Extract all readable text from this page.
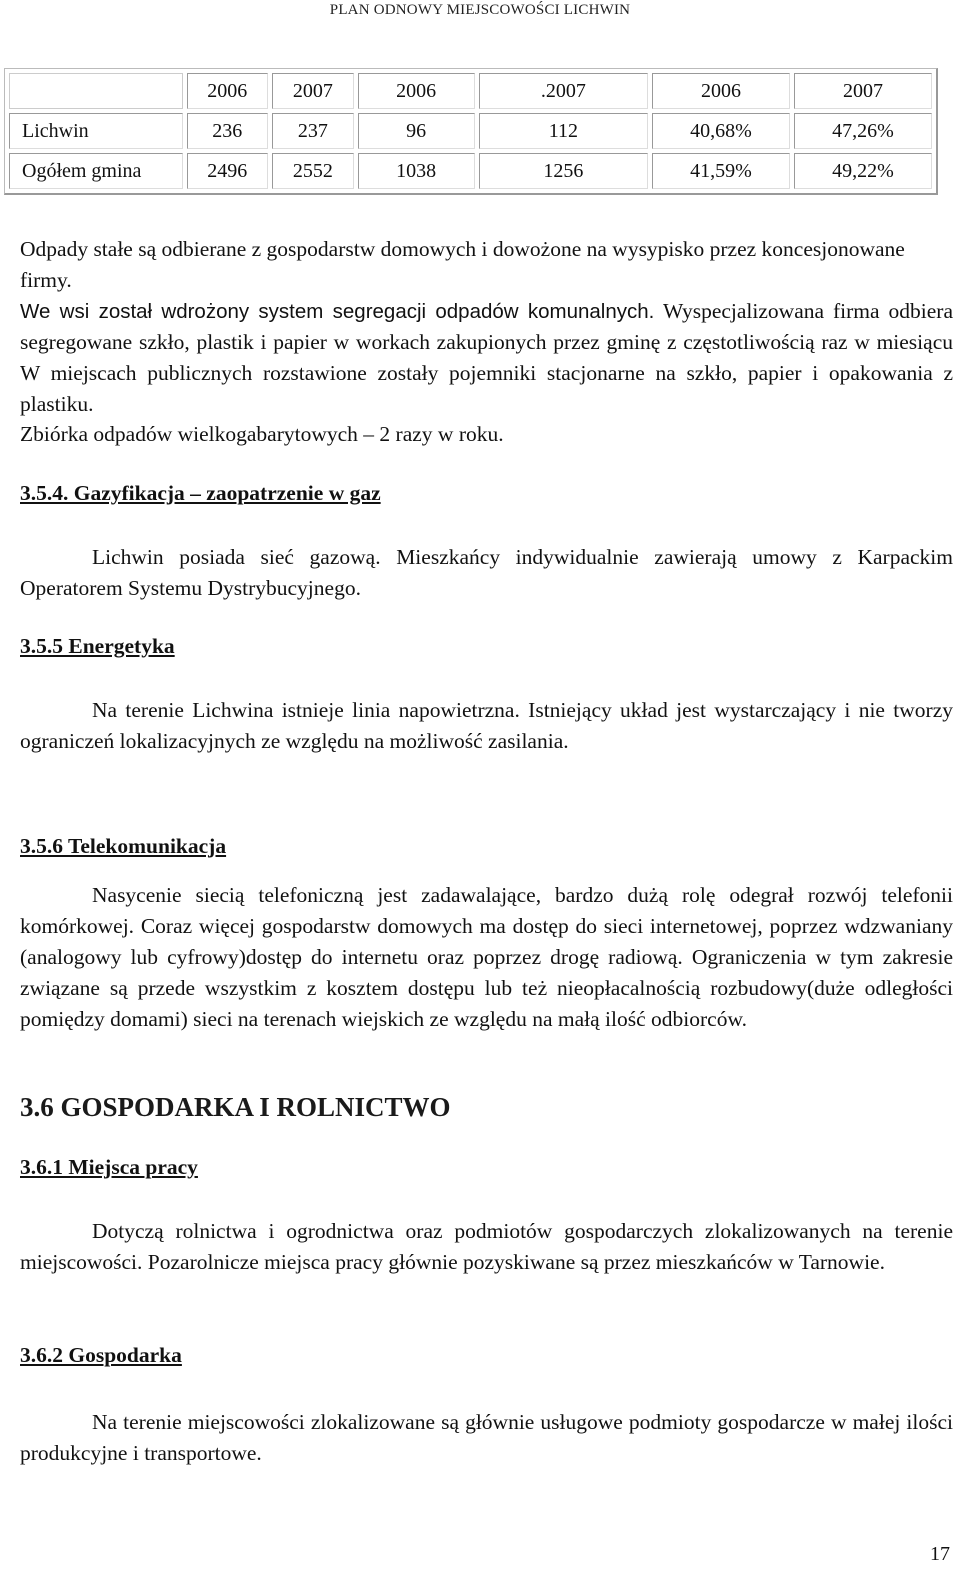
PLAN ODNOWY MIEJSCOWOŚCI LICHWIN
	2006	2007	2006	.2007	2006	2007
Lichwin	236	237	96	112	40,68%	47,26%
Ogółem gmina	2496	2552	1038	1256	41,59%	49,22%

Odpady stałe są odbierane z gospodarstw domowych i dowożone na wysypisko przez koncesjonowane firmy.

We wsi został wdrożony system segregacji odpadów komunalnych. Wyspecjalizowana firma odbiera segregowane szkło, plastik i papier w workach zakupionych przez gminę z częstotliwością raz w miesiącu W miejscach publicznych rozstawione zostały pojemniki stacjonarne na szkło, papier i opakowania z plastiku.

Zbiórka odpadów wielkogabarytowych – 2 razy w roku.

3.5.4. Gazyfikacja – zaopatrzenie w gaz

Lichwin posiada sieć gazową. Mieszkańcy indywidualnie zawierają umowy z Karpackim Operatorem Systemu Dystrybucyjnego.

3.5.5 Energetyka

Na terenie Lichwina istnieje linia napowietrzna. Istniejący układ jest wystarczający i nie tworzy ograniczeń lokalizacyjnych ze względu na możliwość zasilania.

3.5.6 Telekomunikacja

Nasycenie siecią telefoniczną jest zadawalające, bardzo dużą rolę odegrał rozwój telefonii komórkowej. Coraz więcej gospodarstw domowych ma dostęp do sieci internetowej, poprzez wdzwaniany (analogowy lub cyfrowy)dostęp do internetu oraz poprzez drogę radiową. Ograniczenia w tym zakresie związane są przede wszystkim z kosztem dostępu lub też nieopłacalnością rozbudowy(duże odległości pomiędzy domami) sieci na terenach wiejskich ze względu na małą ilość odbiorców.

3.6 GOSPODARKA I ROLNICTWO
3.6.1 Miejsca pracy

Dotyczą rolnictwa i ogrodnictwa oraz podmiotów gospodarczych zlokalizowanych na terenie miejscowości. Pozarolnicze miejsca pracy głównie pozyskiwane są przez mieszkańców w Tarnowie.

3.6.2 Gospodarka

Na terenie miejscowości zlokalizowane są głównie usługowe podmioty gospodarcze w małej ilości produkcyjne i transportowe.

17
